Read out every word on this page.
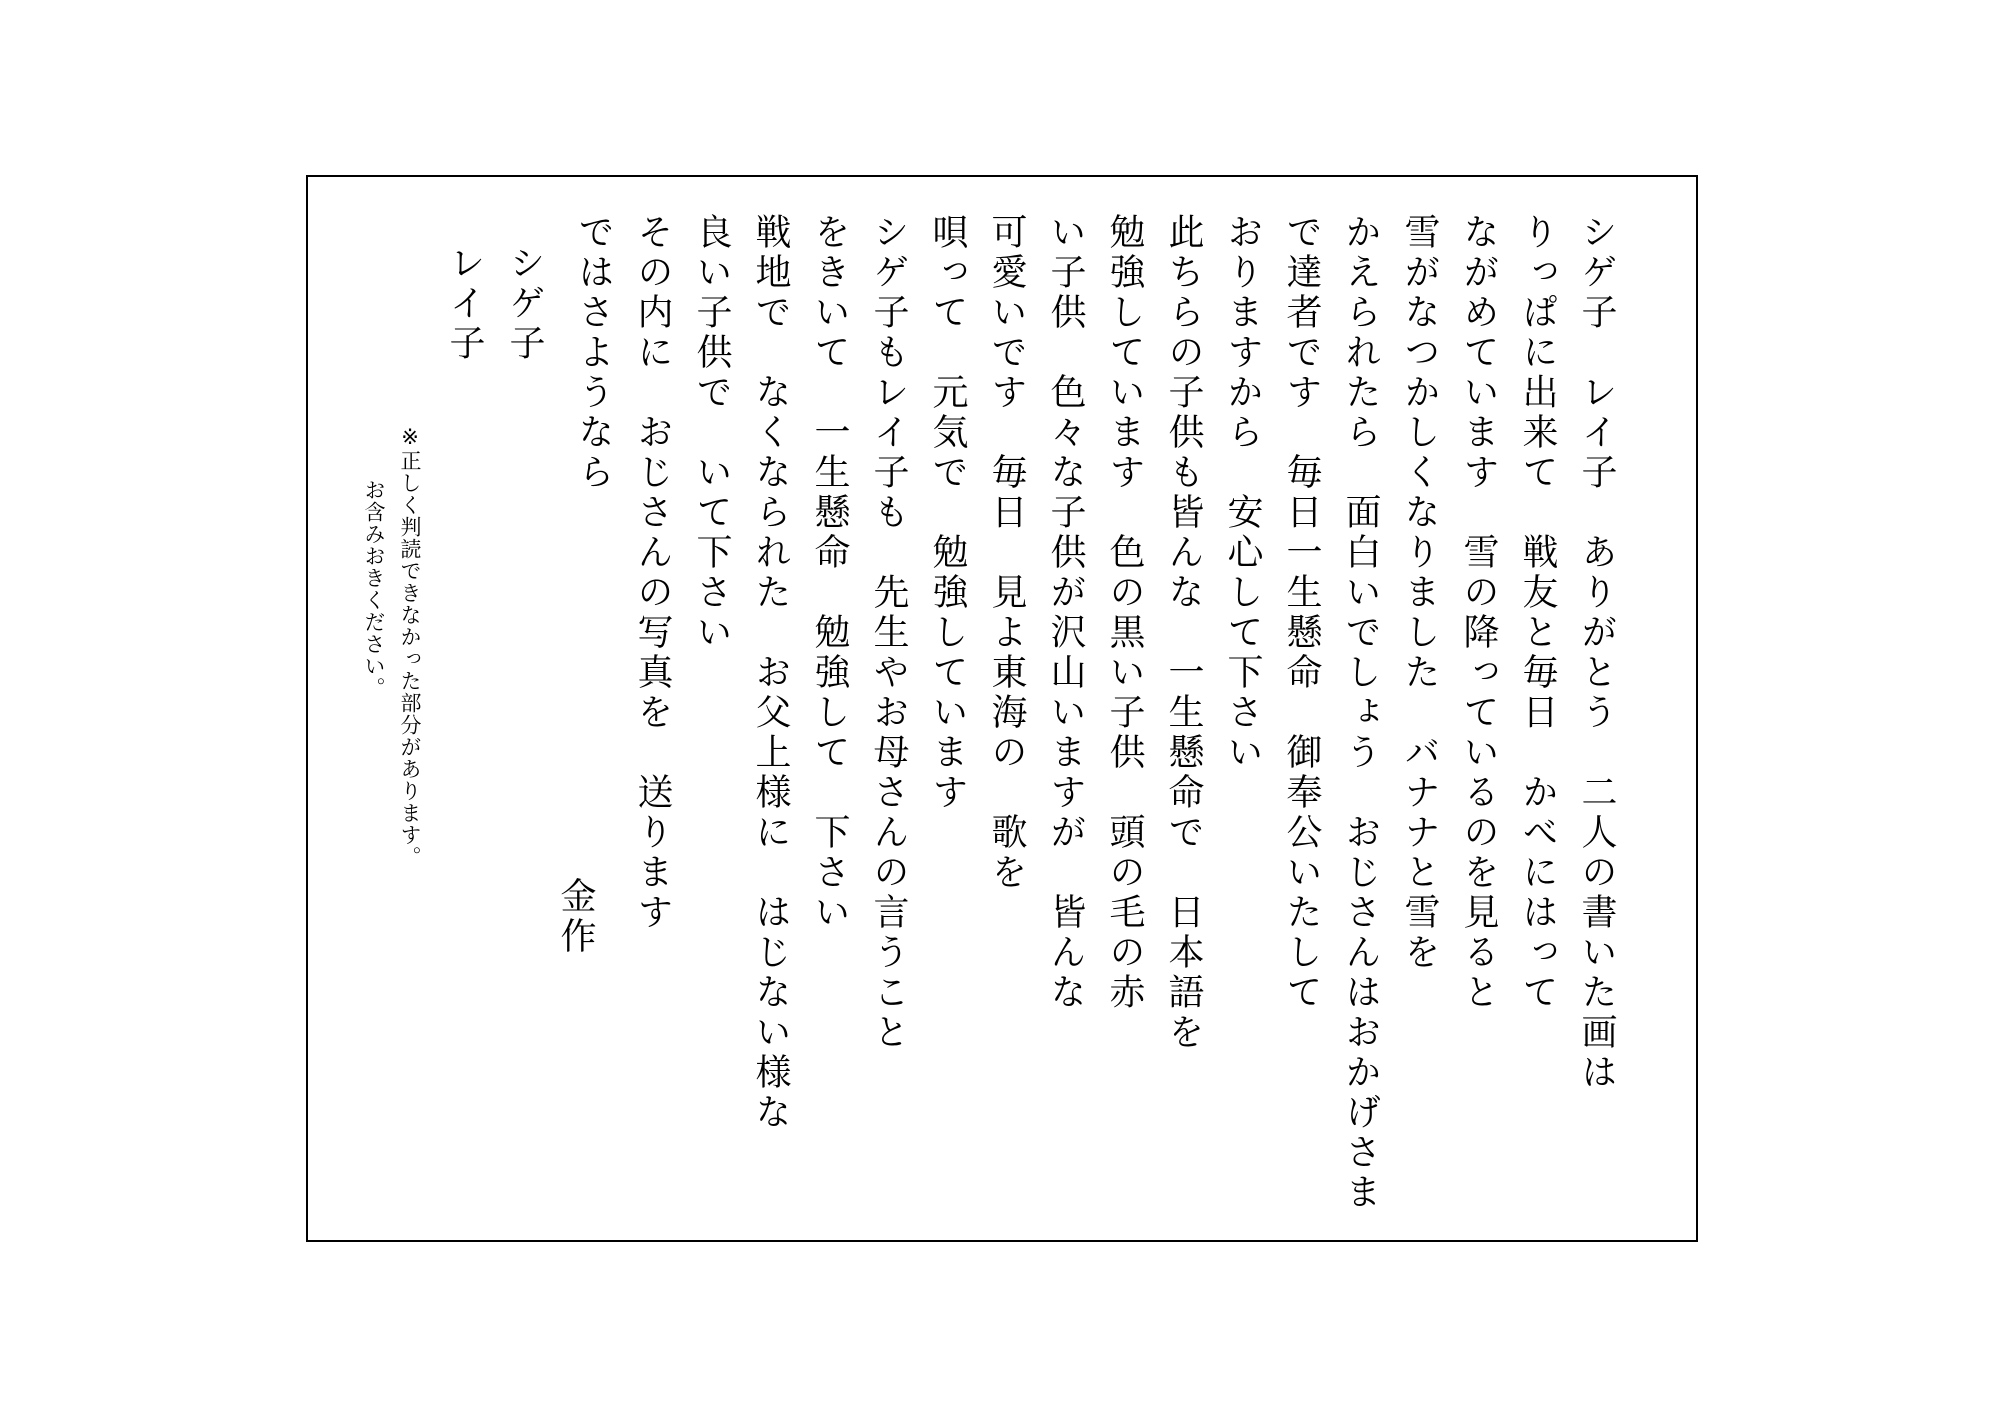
シゲ子　レイ子　ありがとう　二人の書いた画は
りっぱに出来て　戦友と毎日　かべにはって
ながめています　雪の降っているのを見ると
雪がなつかしくなりました　バナナと雪を
かえられたら　面白いでしょう　おじさんはおかげさま
で達者です　毎日一生懸命　御奉公いたして
おりますから　安心して下さい
此ちらの子供も皆んな　一生懸命で　日本語を
勉強しています　色の黒い子供　頭の毛の赤
い子供　色々な子供が沢山いますが　皆んな
可愛いです　毎日　見よ東海の　歌を
唄って　元気で　勉強しています
シゲ子もレイ子も　先生やお母さんの言うこと
をきいて　一生懸命　勉強して　下さい
戦地で　なくなられた　お父上様に　はじない様な
良い子供で　いて下さい
その内に　おじさんの写真を　送ります
ではさようなら
金作
シゲ子
レイ子
※正しく判読できなかった部分があります。
お含みおきください。
